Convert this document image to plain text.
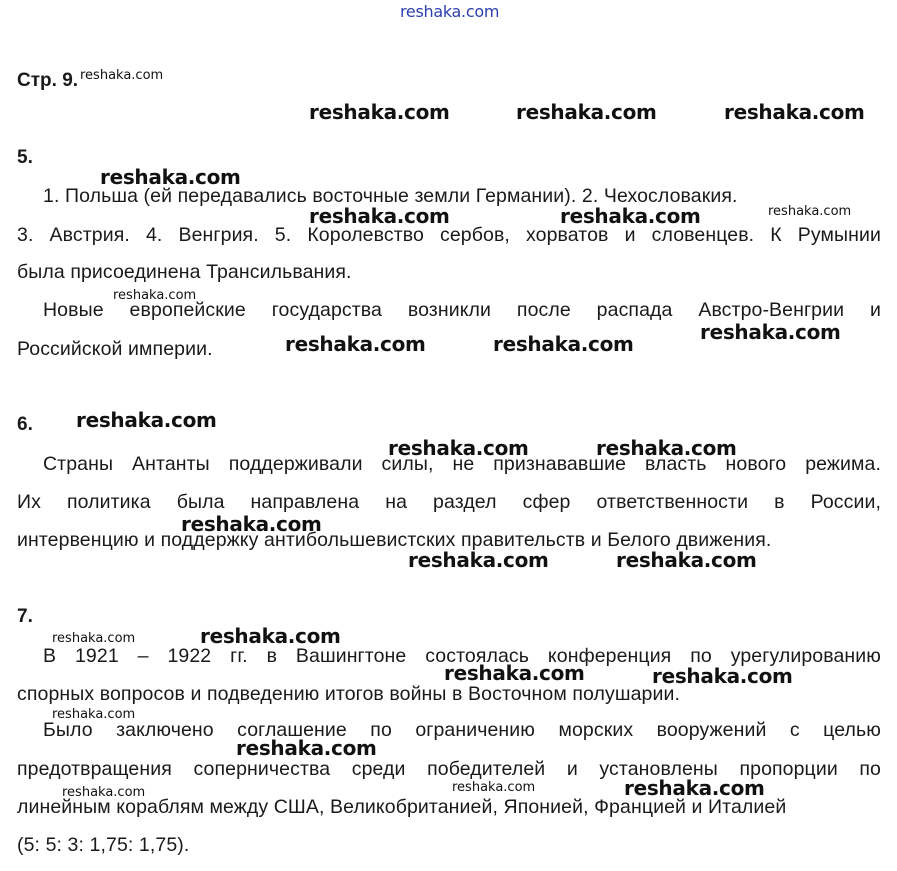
reshaka.com
Стр. 9.
5.
1. Польша (ей передавались восточные земли Германии). 2. Чехословакия.
3. Австрия. 4. Венгрия. 5. Королевство сербов, хорватов и словенцев. К Румынии
была присоединена Трансильвания.
Новые европейские государства возникли после распада Австро-Венгрии и
Российской империи.
6.
Страны Антанты поддерживали силы, не признававшие власть нового режима.
Их политика была направлена на раздел сфер ответственности в России,
интервенцию и поддержку антибольшевистских правительств и Белого движения.
7.
В 1921 – 1922 гг. в Вашингтоне состоялась конференция по урегулированию
спорных вопросов и подведению итогов войны в Восточном полушарии.
Было заключено соглашение по ограничению морских вооружений с целью
предотвращения соперничества среди победителей и установлены пропорции по
линейным кораблям между США, Великобританией, Японией, Францией и Италией
(5: 5: 3: 1,75: 1,75).
reshaka.com
reshaka.com	reshaka.com	reshaka.com
reshaka.com
reshaka.com	reshaka.com	reshaka.com
reshaka.com
reshaka.com
reshaka.com	reshaka.com
reshaka.com
reshaka.com	reshaka.com
reshaka.com
reshaka.com	reshaka.com
reshaka.com	reshaka.com
reshaka.com	reshaka.com
reshaka.com
reshaka.com
reshaka.com	reshaka.com	reshaka.com
